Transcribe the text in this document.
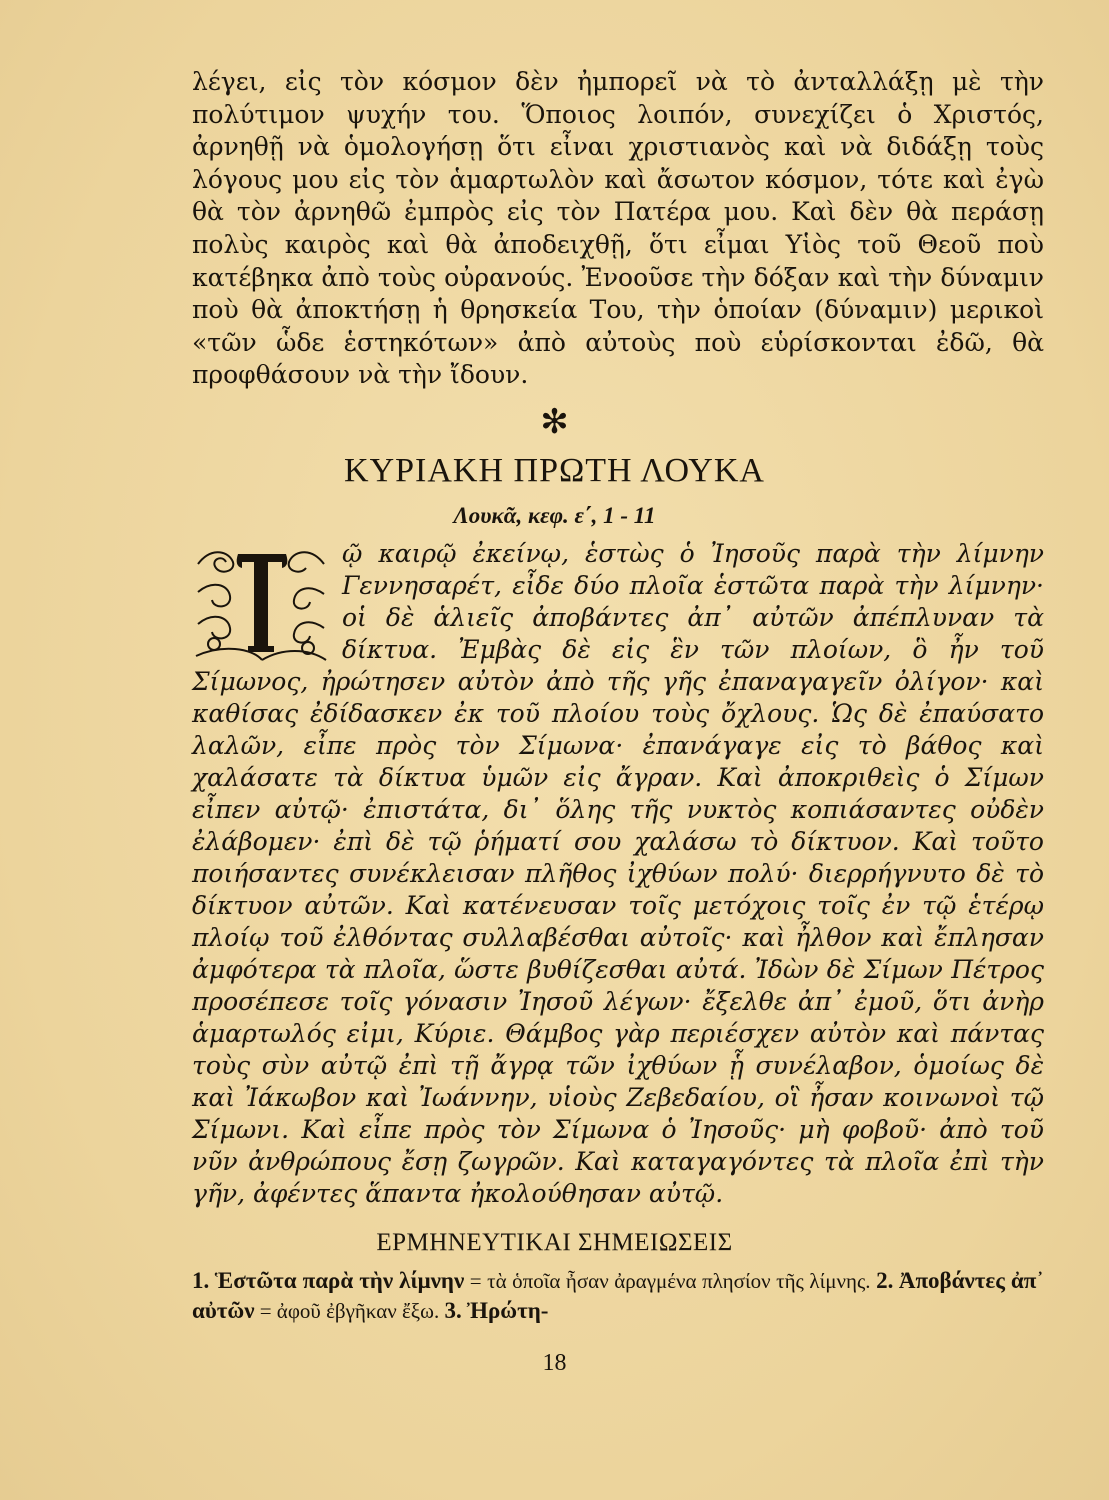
λέγει, εἰς τὸν κόσμον δὲν ἠμπορεῖ νὰ τὸ ἀνταλλάξῃ μὲ τὴν πολύτιμον ψυχήν του. Ὅποιος λοιπόν, συνεχίζει ὁ Χριστός, ἀρνηθῇ νὰ ὁμολογήσῃ ὅτι εἶναι χριστιανὸς καὶ νὰ διδάξῃ τοὺς λόγους μου εἰς τὸν ἁμαρτωλὸν καὶ ἄσωτον κόσμον, τότε καὶ ἐγὼ θὰ τὸν ἀρνηθῶ ἐμπρὸς εἰς τὸν Πατέρα μου. Καὶ δὲν θὰ περάσῃ πολὺς καιρὸς καὶ θὰ ἀποδειχθῇ, ὅτι εἶμαι Υἱὸς τοῦ Θεοῦ ποὺ κατέβηκα ἀπὸ τοὺς οὐρανούς. Ἐνοοῦσε τὴν δόξαν καὶ τὴν δύναμιν ποὺ θὰ ἀποκτήσῃ ἡ θρησκεία Του, τὴν ὁποίαν (δύναμιν) μερικοὶ «τῶν ὧδε ἑστηκότων» ἀπὸ αὐτοὺς ποὺ εὑρίσκονται ἐδῶ, θὰ προφθάσουν νὰ τὴν ἴδουν.

✻
ΚΥΡΙΑΚΗ ΠΡΩΤΗ ΛΟΥΚΑ
Λουκᾶ, κεφ. ε΄, 1 - 11

ῷ καιρῷ ἐκείνῳ, ἑστὼς ὁ Ἰησοῦς παρὰ τὴν λίμνην Γεννησαρέτ, εἶδε δύο πλοῖα ἑστῶτα παρὰ τὴν λίμνην· οἱ δὲ ἁλιεῖς ἀποβάντες ἀπ᾽ αὐτῶν ἀπέπλυναν τὰ δίκτυα. Ἐμβὰς δὲ εἰς ἓν τῶν πλοίων, ὃ ἦν τοῦ Σίμωνος, ἠρώτησεν αὐτὸν ἀπὸ τῆς γῆς ἐπαναγαγεῖν ὀλίγον· καὶ καθίσας ἐδίδασκεν ἐκ τοῦ πλοίου τοὺς ὄχλους. Ὡς δὲ ἐπαύσατο λαλῶν, εἶπε πρὸς τὸν Σίμωνα· ἐπανάγαγε εἰς τὸ βάθος καὶ χαλάσατε τὰ δίκτυα ὑμῶν εἰς ἄγραν. Καὶ ἀποκριθεὶς ὁ Σίμων εἶπεν αὐτῷ· ἐπιστάτα, δι᾽ ὅλης τῆς νυκτὸς κοπιάσαντες οὐδὲν ἐλάβομεν· ἐπὶ δὲ τῷ ῥήματί σου χαλάσω τὸ δίκτυον. Καὶ τοῦτο ποιήσαντες συνέκλεισαν πλῆθος ἰχθύων πολύ· διερρήγνυτο δὲ τὸ δίκτυον αὐτῶν. Καὶ κατένευσαν τοῖς μετόχοις τοῖς ἐν τῷ ἑτέρῳ πλοίῳ τοῦ ἐλθόντας συλλαβέσθαι αὐτοῖς· καὶ ἦλθον καὶ ἔπλησαν ἀμφότερα τὰ πλοῖα, ὥστε βυθίζεσθαι αὐτά. Ἰδὼν δὲ Σίμων Πέτρος προσέπεσε τοῖς γόνασιν Ἰησοῦ λέγων· ἔξελθε ἀπ᾽ ἐμοῦ, ὅτι ἀνὴρ ἁμαρτωλός εἰμι, Κύριε. Θάμβος γὰρ περιέσχεν αὐτὸν καὶ πάντας τοὺς σὺν αὐτῷ ἐπὶ τῇ ἄγρᾳ τῶν ἰχθύων ᾗ συνέλαβον, ὁμοίως δὲ καὶ Ἰάκωβον καὶ Ἰωάννην, υἱοὺς Ζεβεδαίου, οἳ ἦσαν κοινωνοὶ τῷ Σίμωνι. Καὶ εἶπε πρὸς τὸν Σίμωνα ὁ Ἰησοῦς· μὴ φοβοῦ· ἀπὸ τοῦ νῦν ἀνθρώπους ἔσῃ ζωγρῶν. Καὶ καταγαγόντες τὰ πλοῖα ἐπὶ τὴν γῆν, ἀφέντες ἅπαντα ἠκολούθησαν αὐτῷ.

ΕΡΜΗΝΕΥΤΙΚΑΙ ΣΗΜΕΙΩΣΕΙΣ

1. Ἑστῶτα παρὰ τὴν λίμνην = τὰ ὁποῖα ἦσαν ἀραγμένα πλησίον τῆς λίμνης. 2. Ἀποβάντες ἀπ᾽ αὐτῶν = ἀφοῦ ἐβγῆκαν ἔξω. 3. Ἠρώτη-

18
